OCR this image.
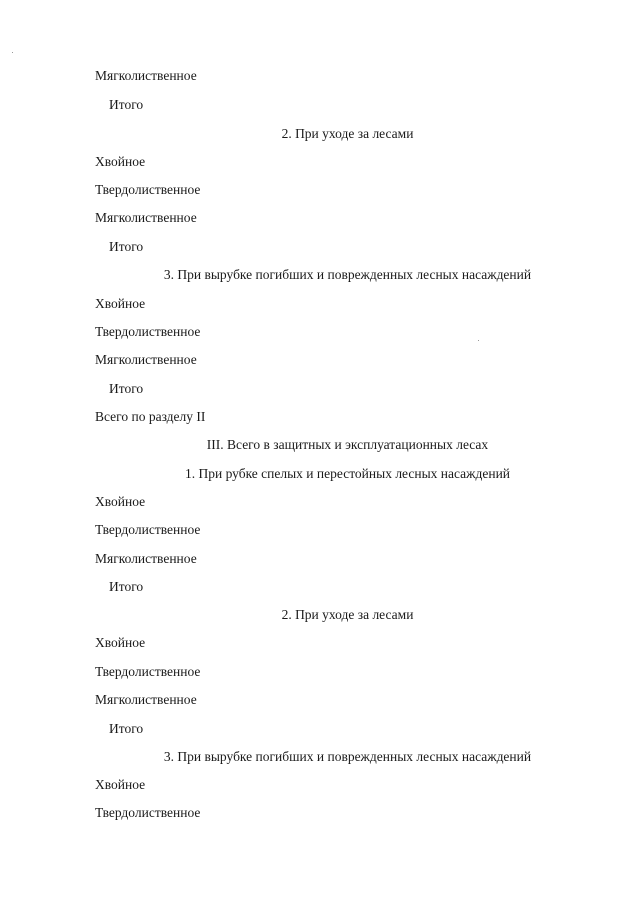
Мягколиственное
Итого
2. При уходе за лесами
Хвойное
Твердолиственное
Мягколиственное
Итого
3. При вырубке погибших и поврежденных лесных насаждений
Хвойное
Твердолиственное
Мягколиственное
Итого
Всего по разделу II
III. Всего в защитных и эксплуатационных лесах
1. При рубке спелых и перестойных лесных насаждений
Хвойное
Твердолиственное
Мягколиственное
Итого
2. При уходе за лесами
Хвойное
Твердолиственное
Мягколиственное
Итого
3. При вырубке погибших и поврежденных лесных насаждений
Хвойное
Твердолиственное
